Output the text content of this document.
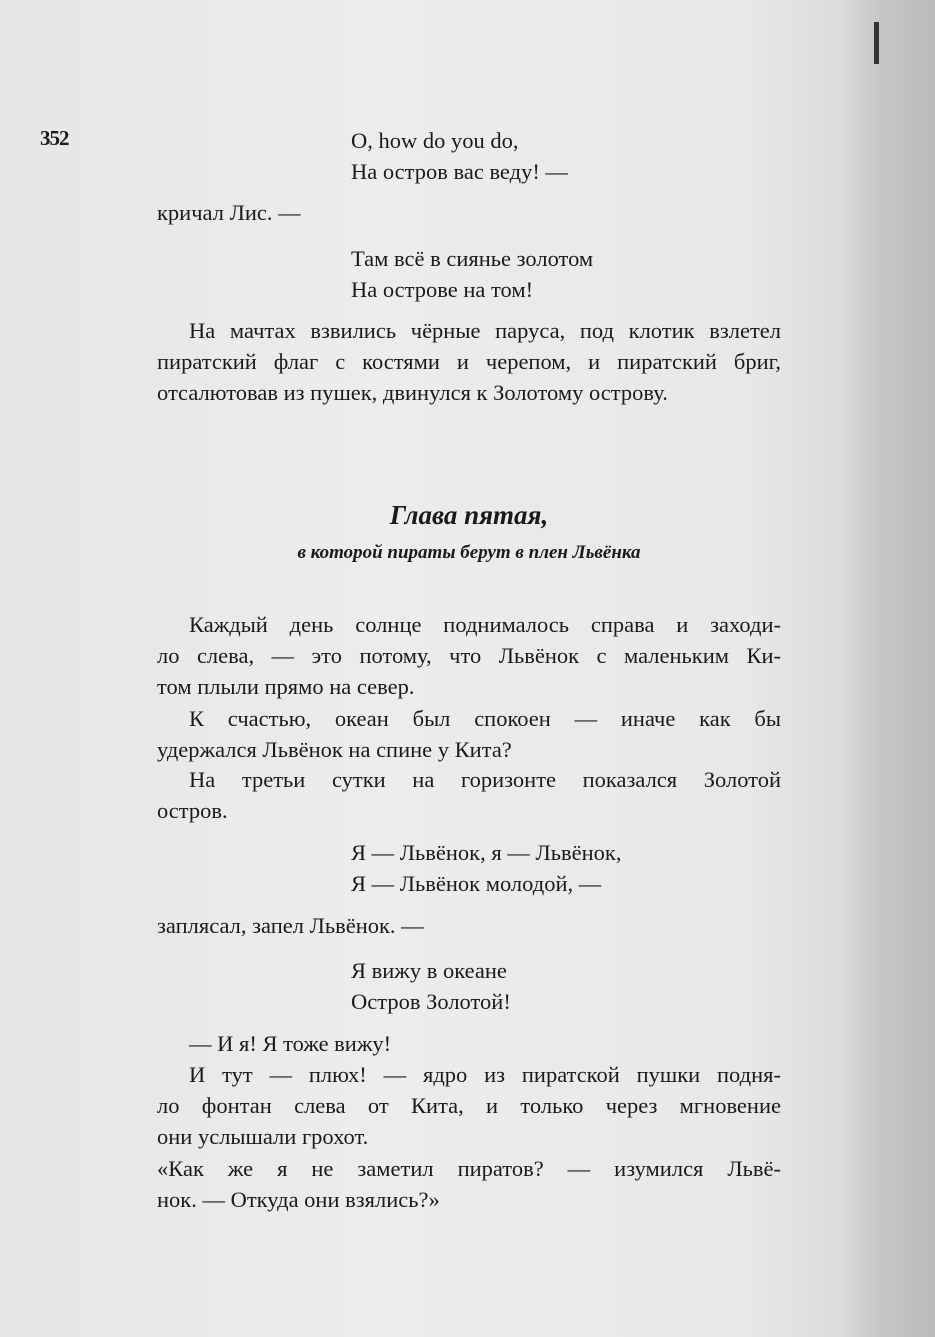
352	O, how do you do,
На остров вас веду! —

кричал Лис. —

Там всё в сиянье золотом
На острове на том!
На мачтах взвились чёрные паруса, под клотик взлетел
пиратский флаг с костями и черепом, и пиратский бриг,
отсалютовав из пушек, двинулся к Золотому острову.
Глава пятая,
в которой пираты берут в плен Львёнка
Каждый день солнце поднималось справа и заходи-
ло слева, — это потому, что Львёнок с маленьким Ки-
том плыли прямо на север.
К счастью, океан был спокоен — иначе как бы
удержался Львёнок на спине у Кита?
На третьи сутки на горизонте показался Золотой
остров.
Я — Львёнок, я — Львёнок,
Я — Львёнок молодой, —

заплясал, запел Львёнок. —

Я вижу в океане
Остров Золотой!

— И я! Я тоже вижу!

И тут — плюх! — ядро из пиратской пушки подня-
ло фонтан слева от Кита, и только через мгновение
они услышали грохот.
«Как же я не заметил пиратов? — изумился Львё-
нок. — Откуда они взялись?»
